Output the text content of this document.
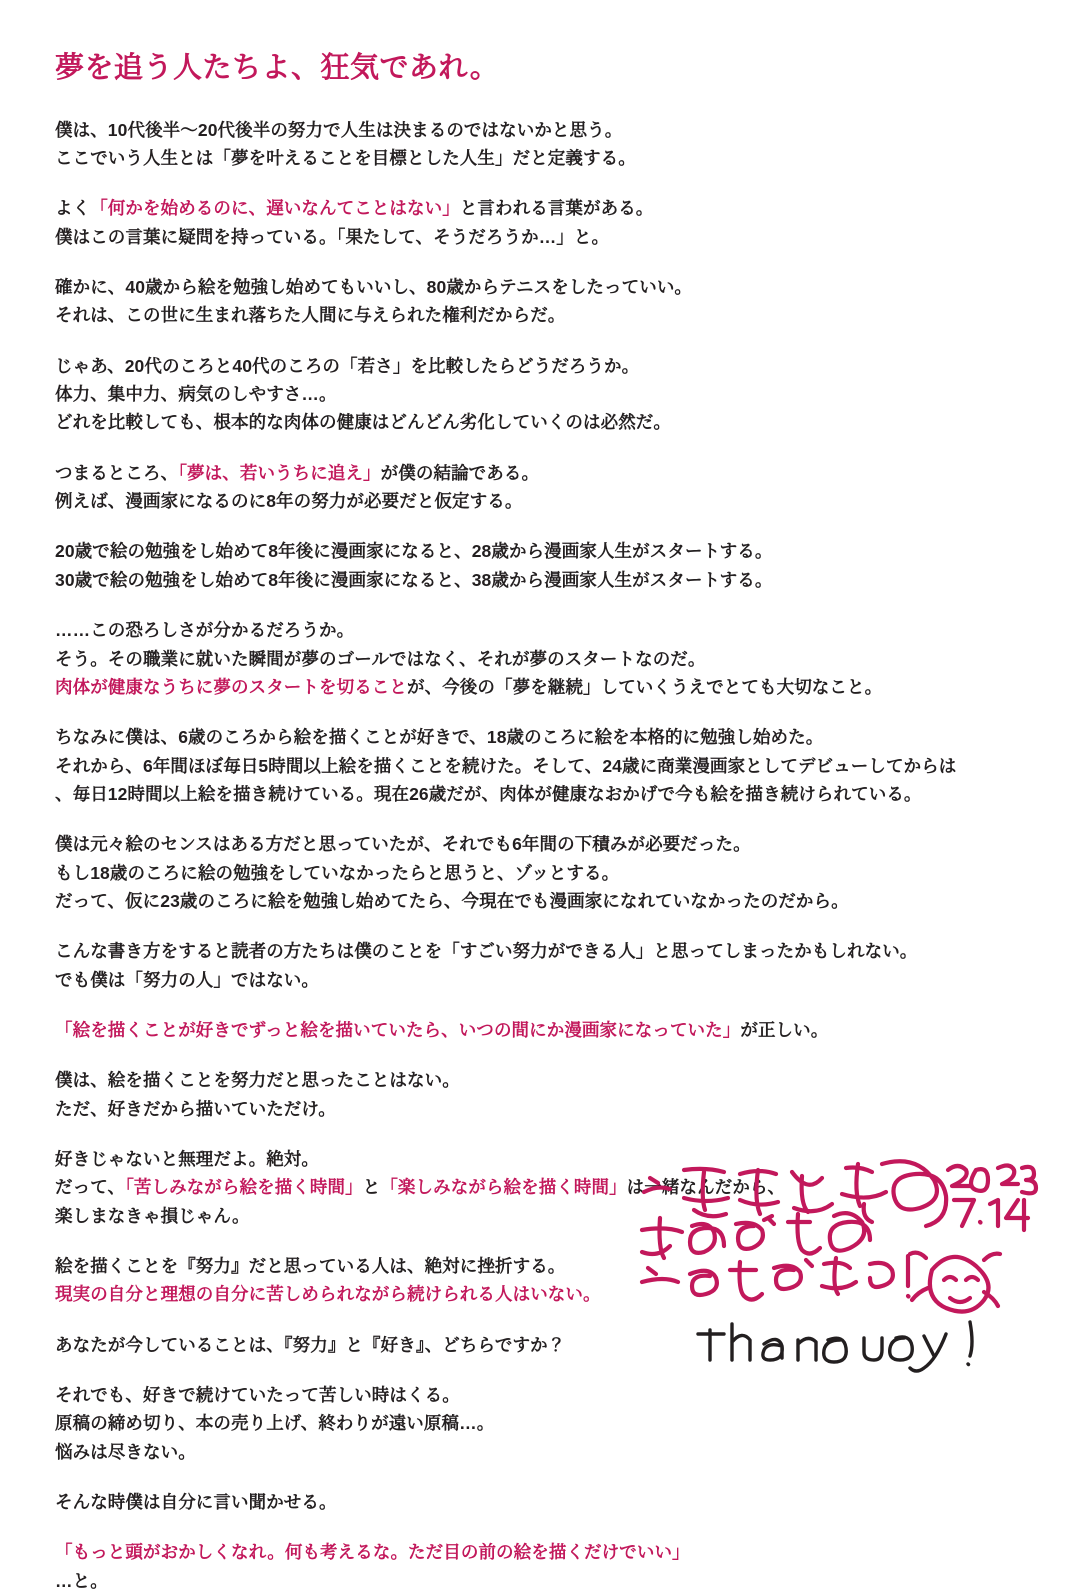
夢を追う人たちよ、狂気であれ。

僕は、10代後半〜20代後半の努力で人生は決まるのではないかと思う。
ここでいう人生とは「夢を叶えることを目標とした人生」だと定義する。

よく「何かを始めるのに、遅いなんてことはない」と言われる言葉がある。
僕はこの言葉に疑問を持っている。「果たして、そうだろうか…」と。

確かに、40歳から絵を勉強し始めてもいいし、80歳からテニスをしたっていい。
それは、この世に生まれ落ちた人間に与えられた権利だからだ。

じゃあ、20代のころと40代のころの「若さ」を比較したらどうだろうか。
体力、集中力、病気のしやすさ…。
どれを比較しても、根本的な肉体の健康はどんどん劣化していくのは必然だ。

つまるところ、「夢は、若いうちに追え」が僕の結論である。
例えば、漫画家になるのに8年の努力が必要だと仮定する。

20歳で絵の勉強をし始めて8年後に漫画家になると、28歳から漫画家人生がスタートする。
30歳で絵の勉強をし始めて8年後に漫画家になると、38歳から漫画家人生がスタートする。

……この恐ろしさが分かるだろうか。
そう。その職業に就いた瞬間が夢のゴールではなく、それが夢のスタートなのだ。
肉体が健康なうちに夢のスタートを切ることが、今後の「夢を継続」していくうえでとても大切なこと。

ちなみに僕は、6歳のころから絵を描くことが好きで、18歳のころに絵を本格的に勉強し始めた。
それから、6年間ほぼ毎日5時間以上絵を描くことを続けた。そして、24歳に商業漫画家としてデビューしてからは
、毎日12時間以上絵を描き続けている。現在26歳だが、肉体が健康なおかげで今も絵を描き続けられている。

僕は元々絵のセンスはある方だと思っていたが、それでも6年間の下積みが必要だった。
もし18歳のころに絵の勉強をしていなかったらと思うと、ゾッとする。
だって、仮に23歳のころに絵を勉強し始めてたら、今現在でも漫画家になれていなかったのだから。

こんな書き方をすると読者の方たちは僕のことを「すごい努力ができる人」と思ってしまったかもしれない。
でも僕は「努力の人」ではない。

「絵を描くことが好きでずっと絵を描いていたら、いつの間にか漫画家になっていた」が正しい。

僕は、絵を描くことを努力だと思ったことはない。
ただ、好きだから描いていただけ。

好きじゃないと無理だよ。絶対。
だって、「苦しみながら絵を描く時間」と「楽しみながら絵を描く時間」は一緒なんだから、
楽しまなきゃ損じゃん。

絵を描くことを『努力』だと思っている人は、絶対に挫折する。
現実の自分と理想の自分に苦しめられながら続けられる人はいない。

あなたが今していることは、『努力』と『好き』、どちらですか？

それでも、好きで続けていたって苦しい時はくる。
原稿の締め切り、本の売り上げ、終わりが遠い原稿…。
悩みは尽きない。

そんな時僕は自分に言い聞かせる。

「もっと頭がおかしくなれ。何も考えるな。ただ目の前の絵を描くだけでいい」
…と。
